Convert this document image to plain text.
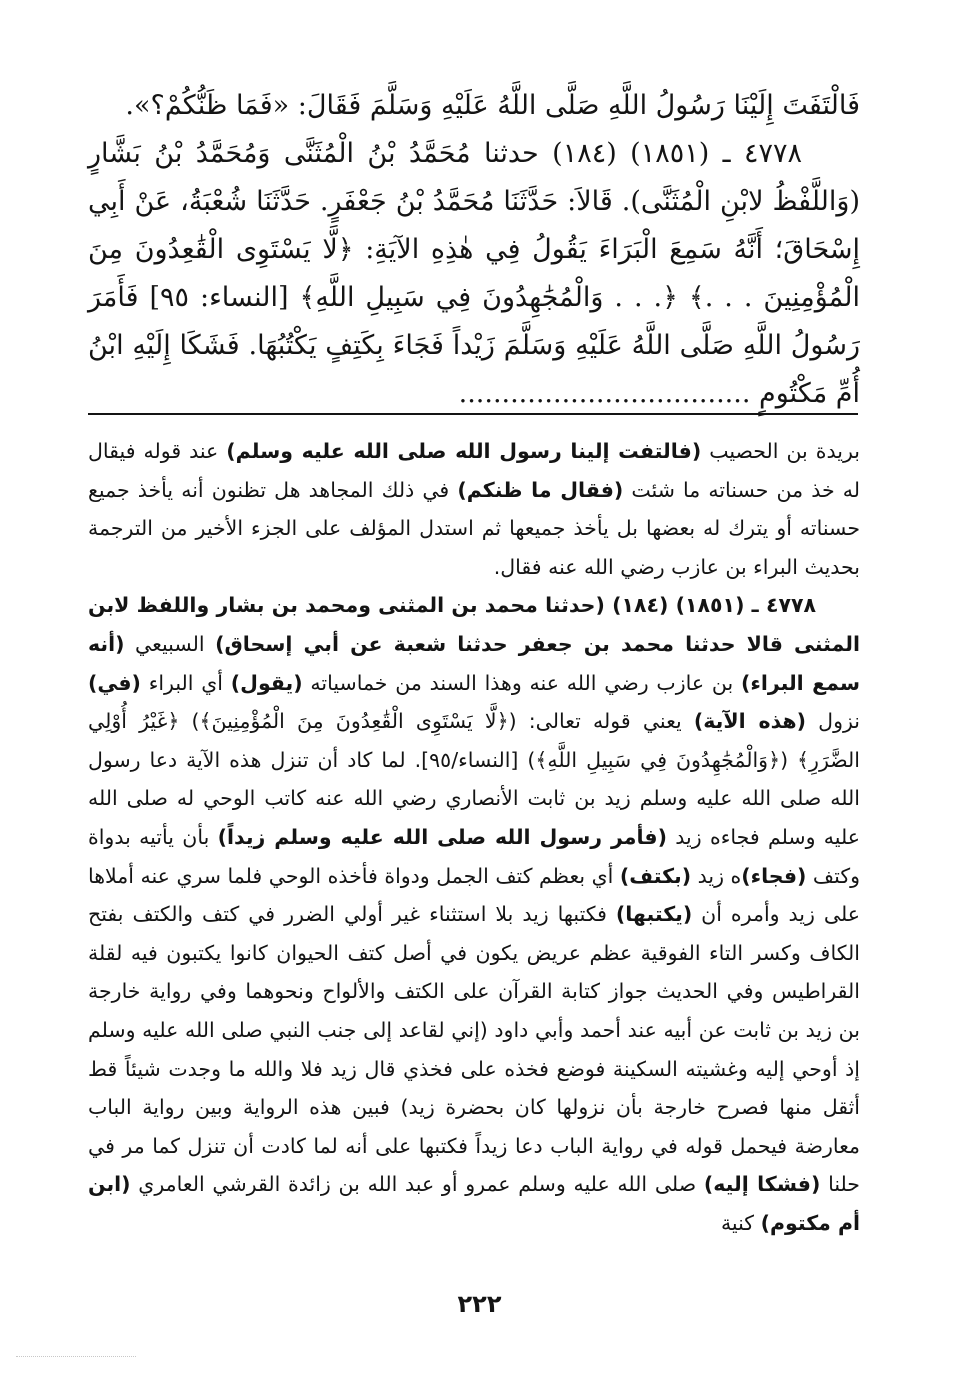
فَالْتَفَتَ إِلَيْنَا رَسُولُ اللَّهِ صَلَّى اللَّهُ عَلَيْهِ وَسَلَّمَ فَقَالَ: «فَمَا ظَنُّكُمْ؟».

٤٧٧٨ ـ (١٨٥١) (١٨٤) حدثنا مُحَمَّدُ بْنُ الْمُثَنَّى وَمُحَمَّدُ بْنُ بَشَّارٍ (وَاللَّفْظُ لابْنِ الْمُثَنَّى). قَالاَ: حَدَّثَنَا مُحَمَّدُ بْنُ جَعْفَرٍ. حَدَّثَنَا شُعْبَةُ، عَنْ أَبِي إِسْحَاقَ؛ أَنَّهُ سَمِعَ الْبَرَاءَ يَقُولُ فِي هٰذِهِ الآيَةِ: ﴿لَّا يَسْتَوِى الْقَٰعِدُونَ مِنَ الْمُؤْمِنِينَ . . .﴾ ﴿. . . وَالْمُجَٰهِدُونَ فِي سَبِيلِ اللَّهِ﴾ [النساء: ٩٥] فَأَمَرَ رَسُولُ اللَّهِ صَلَّى اللَّهُ عَلَيْهِ وَسَلَّمَ زَيْداً فَجَاءَ بِكَتِفٍ يَكْتُبُهَا. فَشَكَا إِلَيْهِ ابْنُ أُمِّ مَكْتُومٍ ..................................

بريدة بن الحصيب (فالتفت إلينا رسول الله صلى الله عليه وسلم) عند قوله فيقال له خذ من حسناته ما شئت (فقال ما ظنكم) في ذلك المجاهد هل تظنون أنه يأخذ جميع حسناته أو يترك له بعضها بل يأخذ جميعها ثم استدل المؤلف على الجزء الأخير من الترجمة بحديث البراء بن عازب رضي الله عنه فقال.

٤٧٧٨ ـ (١٨٥١) (١٨٤) (حدثنا محمد بن المثنى ومحمد بن بشار واللفظ لابن المثنى قالا حدثنا محمد بن جعفر حدثنا شعبة عن أبي إسحاق) السبيعي (أنه سمع البراء) بن عازب رضي الله عنه وهذا السند من خماسياته (يقول) أي البراء (في) نزول (هذه الآية) يعني قوله تعالى: (﴿لَّا يَسْتَوِى الْقَٰعِدُونَ مِنَ الْمُؤْمِنِينَ﴾) ﴿غَيْرُ أُوْلِي الضَّرَرِ﴾ (﴿وَالْمُجَٰهِدُونَ فِي سَبِيلِ اللَّهِ﴾) [النساء/٩٥]. لما كاد أن تنزل هذه الآية دعا رسول الله صلى الله عليه وسلم زيد بن ثابت الأنصاري رضي الله عنه كاتب الوحي له صلى الله عليه وسلم فجاءه زيد (فأمر رسول الله صلى الله عليه وسلم زيداً) بأن يأتيه بدواة وكتف (فجاء)ه زيد (بكتف) أي بعظم كتف الجمل ودواة فأخذه الوحي فلما سري عنه أملاها على زيد وأمره أن (يكتبها) فكتبها زيد بلا استثناء غير أولي الضرر في كتف والكتف بفتح الكاف وكسر التاء الفوقية عظم عريض يكون في أصل كتف الحيوان كانوا يكتبون فيه لقلة القراطيس وفي الحديث جواز كتابة القرآن على الكتف والألواح ونحوهما وفي رواية خارجة بن زيد بن ثابت عن أبيه عند أحمد وأبي داود (إني لقاعد إلى جنب النبي صلى الله عليه وسلم إذ أوحي إليه وغشيته السكينة فوضع فخذه على فخذي قال زيد فلا والله ما وجدت شيئاً قط أثقل منها فصرح خارجة بأن نزولها كان بحضرة زيد) فبين هذه الرواية وبين رواية الباب معارضة فيحمل قوله في رواية الباب دعا زيداً فكتبها على أنه لما كادت أن تنزل كما مر في حلنا (فشكا إليه) صلى الله عليه وسلم عمرو أو عبد الله بن زائدة القرشي العامري (ابن أم مكتوم) كنية

٢٢٢
